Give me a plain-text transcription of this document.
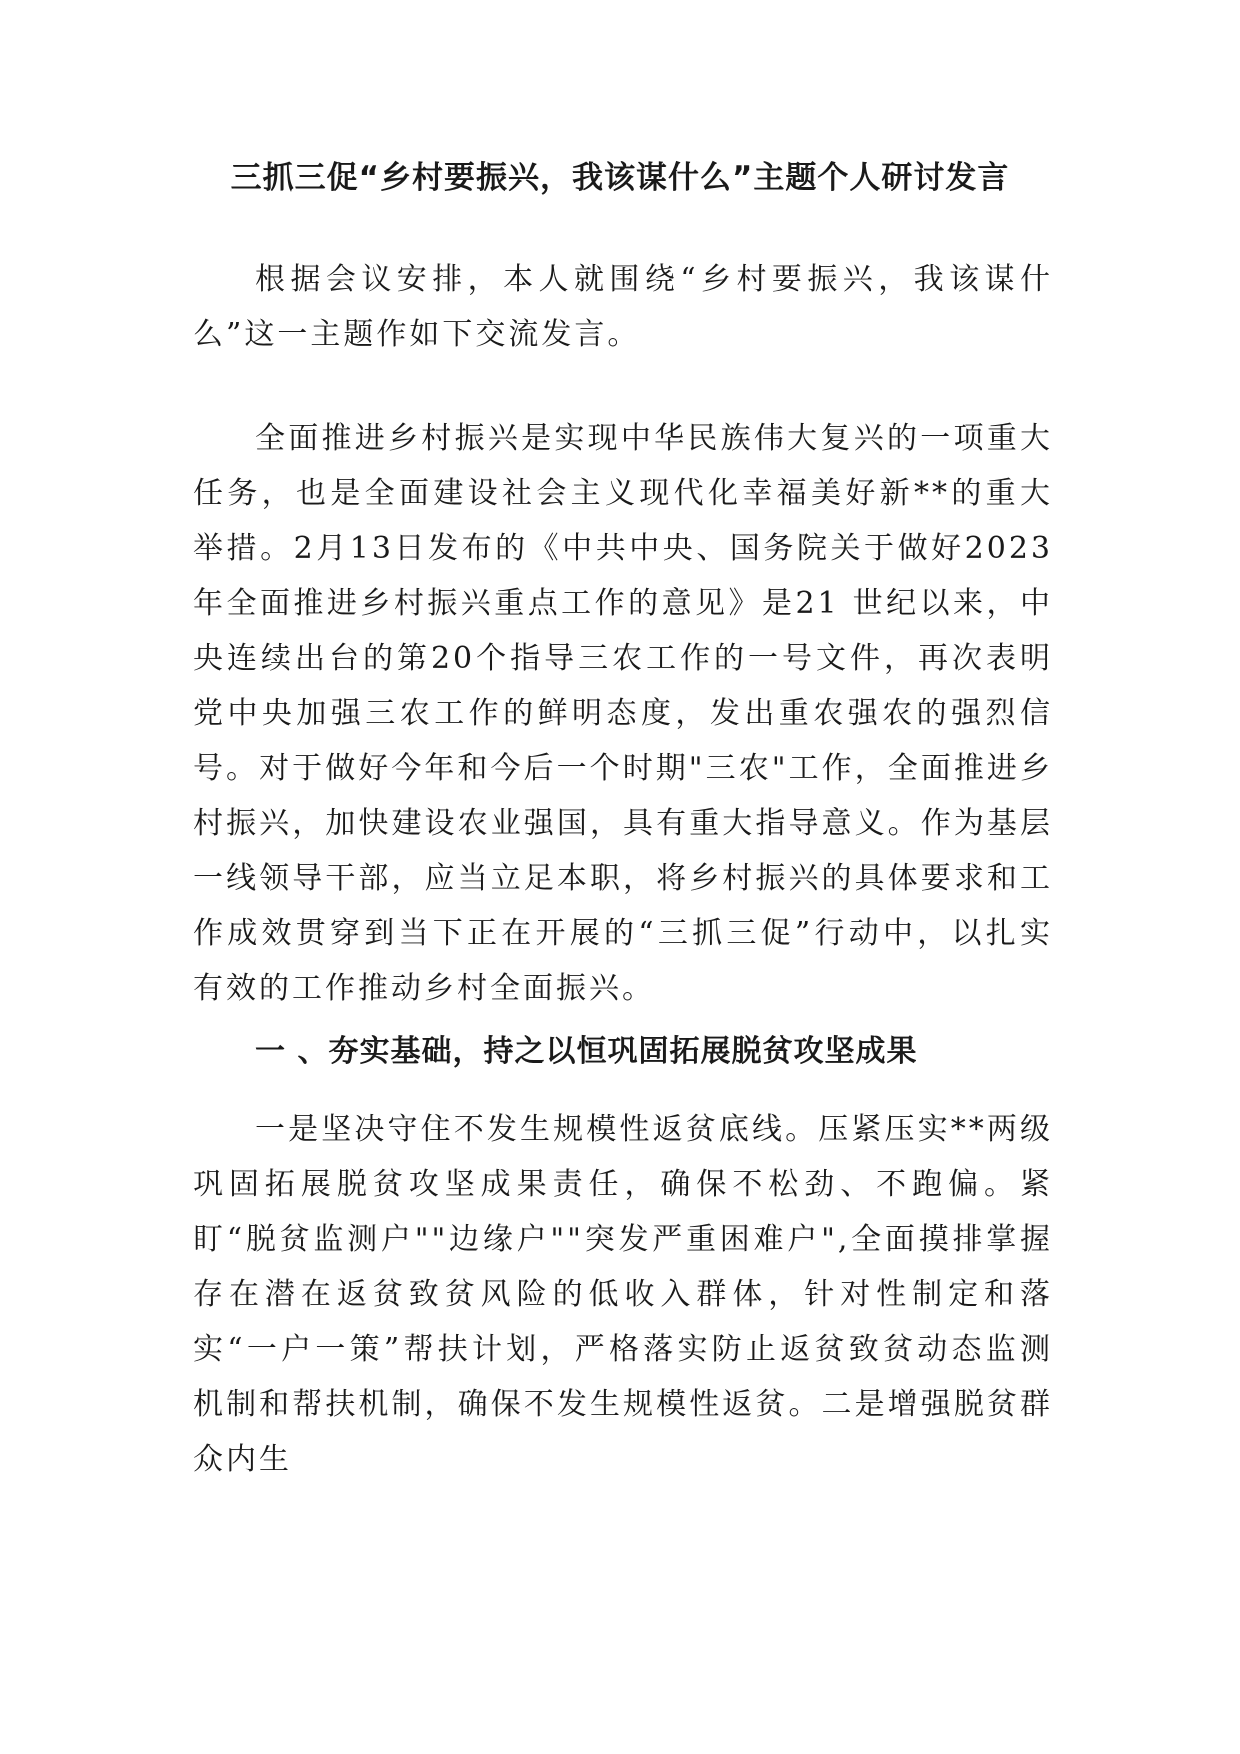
三抓三促“乡村要振兴，我该谋什么”主题个人研讨发言

根据会议安排，本人就围绕“乡村要振兴，我该谋什么”这一主题作如下交流发言。

全面推进乡村振兴是实现中华民族伟大复兴的一项重大任务，也是全面建设社会主义现代化幸福美好新**的重大举措。2月13日发布的《中共中央、国务院关于做好2023年全面推进乡村振兴重点工作的意见》是21 世纪以来，中央连续出台的第20个指导三农工作的一号文件，再次表明党中央加强三农工作的鲜明态度，发出重农强农的强烈信号。对于做好今年和今后一个时期"三农"工作，全面推进乡村振兴，加快建设农业强国，具有重大指导意义。作为基层一线领导干部，应当立足本职，将乡村振兴的具体要求和工作成效贯穿到当下正在开展的“三抓三促”行动中，以扎实有效的工作推动乡村全面振兴。

一 、夯实基础，持之以恒巩固拓展脱贫攻坚成果

一是坚决守住不发生规模性返贫底线。压紧压实**两级巩固拓展脱贫攻坚成果责任，确保不松劲、不跑偏。紧盯“脱贫监测户""边缘户""突发严重困难户",全面摸排掌握存在潜在返贫致贫风险的低收入群体，针对性制定和落实“一户一策”帮扶计划，严格落实防止返贫致贫动态监测机制和帮扶机制，确保不发生规模性返贫。二是增强脱贫群众内生
